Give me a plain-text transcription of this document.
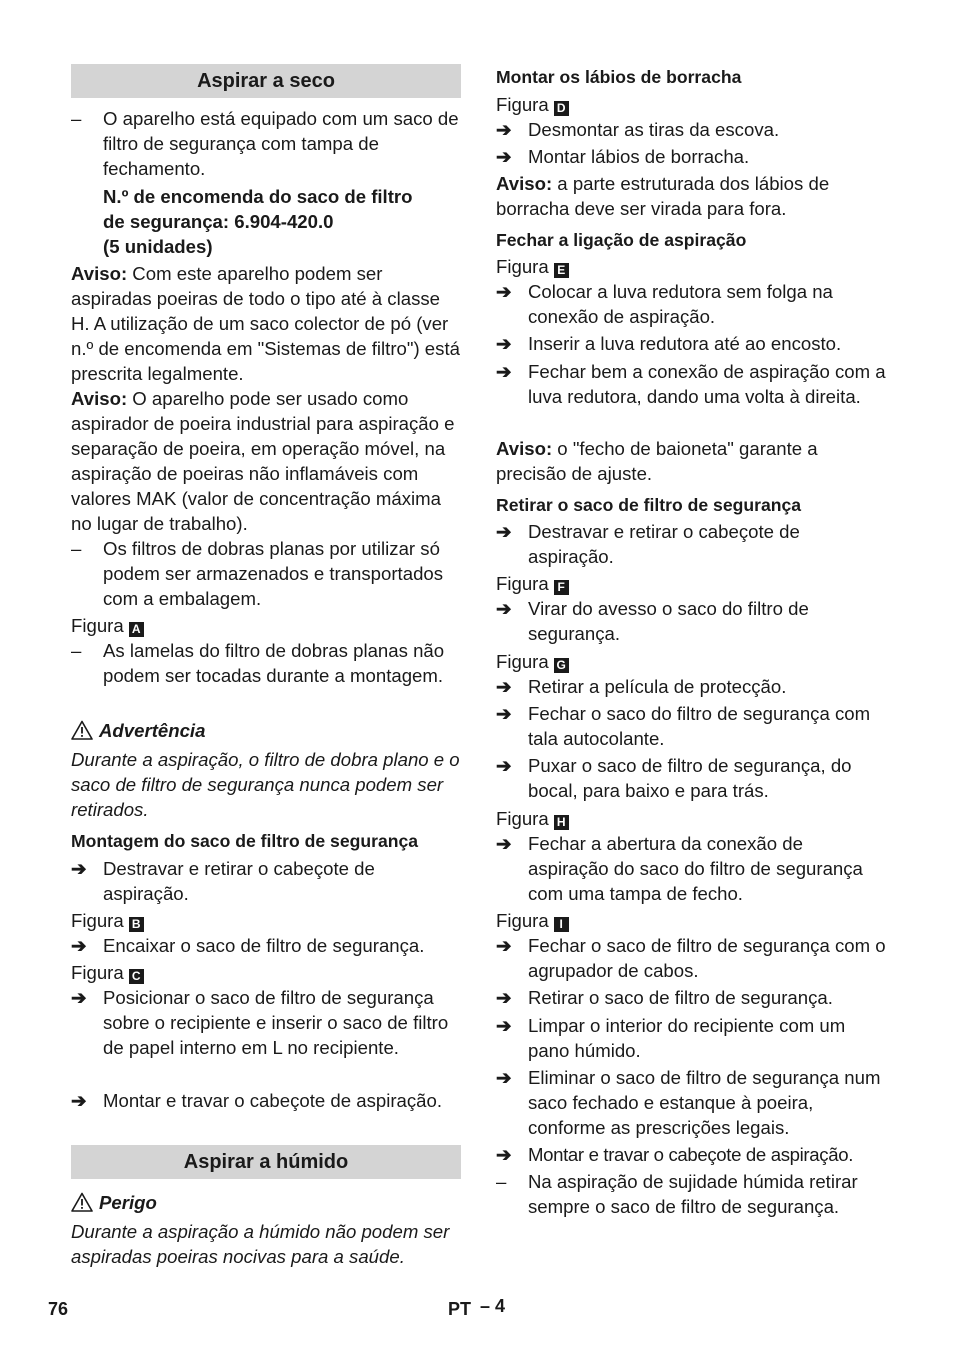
Aspirar a seco

– O aparelho está equipado com um saco de filtro de segurança com tampa de fechamento.

N.º de encomenda do saco de filtro
de segurança: 6.904-420.0
(5 unidades)

Aviso: Com este aparelho podem ser aspiradas poeiras de todo o tipo até à classe H. A utilização de um saco colector de pó (ver n.º de encomenda em "Sistemas de filtro") está prescrita legalmente.

Aviso: O aparelho pode ser usado como aspirador de poeira industrial para aspiração e separação de poeira, em operação móvel, na aspiração de poeiras não inflamáveis com valores MAK (valor de concentração máxima no lugar de trabalho).

– Os filtros de dobras planas por utilizar só podem ser armazenados e transportados com a embalagem.

Figura A

– As lamelas do filtro de dobras planas não podem ser tocadas durante a montagem.

Advertência

Durante a aspiração, o filtro de dobra plano e o saco de filtro de segurança nunca podem ser retirados.

Montagem do saco de filtro de segurança

➔ Destravar e retirar o cabeçote de aspiração.

Figura B

➔ Encaixar o saco de filtro de segurança.

Figura C

➔ Posicionar o saco de filtro de segurança sobre o recipiente e inserir o saco de filtro de papel interno em L no recipiente.

➔ Montar e travar o cabeçote de aspiração.

Aspirar a húmido

Perigo

Durante a aspiração a húmido não podem ser aspiradas poeiras nocivas para a saúde.

Montar os lábios de borracha

Figura D

➔ Desmontar as tiras da escova.

➔ Montar lábios de borracha.

Aviso: a parte estruturada dos lábios de borracha deve ser virada para fora.

Fechar a ligação de aspiração

Figura E

➔ Colocar a luva redutora sem folga na conexão de aspiração.

➔ Inserir a luva redutora até ao encosto.

➔ Fechar bem a conexão de aspiração com a luva redutora, dando uma volta à direita.

Aviso: o "fecho de baioneta" garante a precisão de ajuste.

Retirar o saco de filtro de segurança

➔ Destravar e retirar o cabeçote de aspiração.

Figura F

➔ Virar do avesso o saco do filtro de segurança.

Figura G

➔ Retirar a película de protecção.

➔ Fechar o saco do filtro de segurança com tala autocolante.

➔ Puxar o saco de filtro de segurança, do bocal, para baixo e para trás.

Figura H

➔ Fechar a abertura da conexão de aspiração do saco do filtro de segurança com uma tampa de fecho.

Figura I

➔ Fechar o saco de filtro de segurança com o agrupador de cabos.

➔ Retirar o saco de filtro de segurança.

➔ Limpar o interior do recipiente com um pano húmido.

➔ Eliminar o saco de filtro de segurança num saco fechado e estanque à poeira, conforme as prescrições legais.

➔ Montar e travar o cabeçote de aspiração.

– Na aspiração de sujidade húmida retirar sempre o saco de filtro de segurança.

76	PT – 4
